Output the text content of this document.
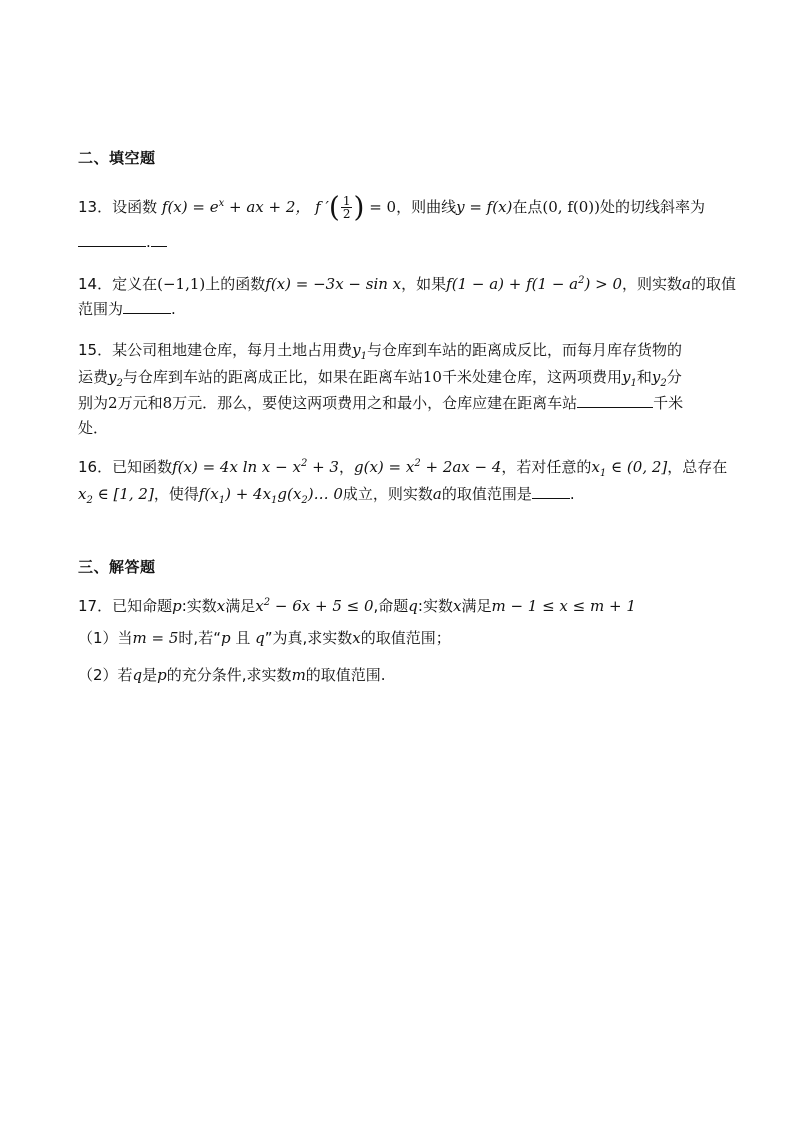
二、填空题
13．设函数 $f(x) = e^x$ + ax + 2， f ′( $\frac{1}{2}$ ) = 0，则曲线y = f(x)在点(0, f(0))处的切线斜率为
.
14．定义在(−1,1)上的函数f(x) = −3x − sin x，如果$f(1 - a) + f(1 - a^2) > 0$，则实数a的取值
范围为	.
15．某公司租地建仓库，每月土地占用费$y_1$与仓库到车站的距离成反比，而每月库存货物的
运费$y_2$与仓库到车站的距离成正比，如果在距离车站10千米处建仓库，这两项费用$y_1$和$y_2$分
别为2万元和8万元．那么，要使这两项费用之和最小，仓库应建在距离车站	千米
处．
16．已知函数f(x) = 4x $\ln x - x^2 + 3$，$g(x) = x^2 + 2ax - 4$，若对任意的$x_1$ ∈ (0, 2]，总存在
$x_2$ ∈ [1, 2]，使得$f(x_1)$ + $4x_1g(x_2)\dots$ 0成立，则实数a的取值范围是	.
三、解答题
17．已知命题p:实数x满足$x^2 - 6x + 5 \le 0$,命题q:实数x满足m − 1 ≤ x ≤ m + 1
（1）当m = 5时,若“p 且 q”为真,求实数x的取值范围；
（2）若q是p的充分条件,求实数m的取值范围.
